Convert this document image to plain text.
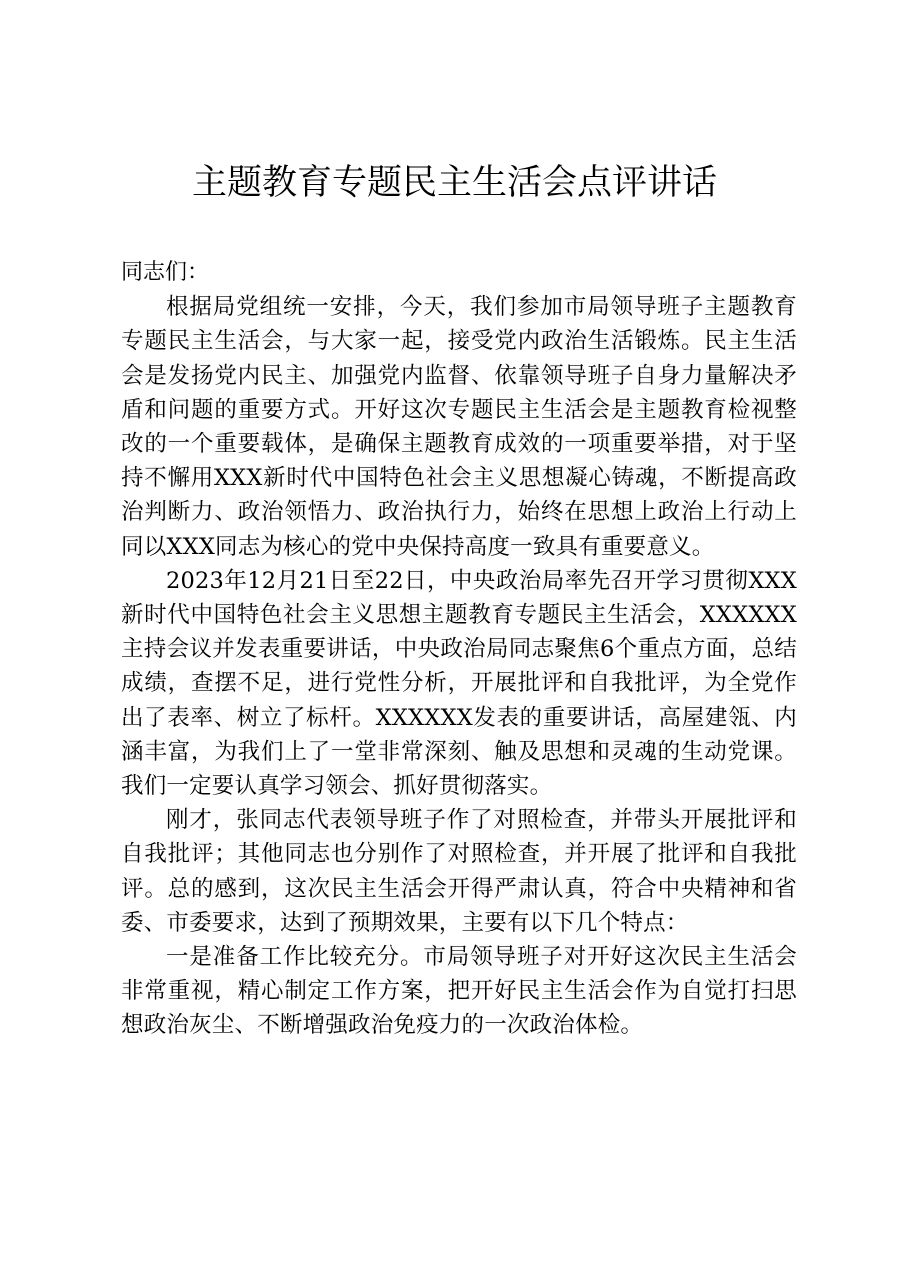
主题教育专题民主生活会点评讲话

同志们：

根据局党组统一安排，今天，我们参加市局领导班子主题教育专题民主生活会，与大家一起，接受党内政治生活锻炼。民主生活会是发扬党内民主、加强党内监督、依靠领导班子自身力量解决矛盾和问题的重要方式。开好这次专题民主生活会是主题教育检视整改的一个重要载体，是确保主题教育成效的一项重要举措，对于坚持不懈用XXX新时代中国特色社会主义思想凝心铸魂，不断提高政治判断力、政治领悟力、政治执行力，始终在思想上政治上行动上同以XXX同志为核心的党中央保持高度一致具有重要意义。

2023年12月21日至22日，中央政治局率先召开学习贯彻XXX新时代中国特色社会主义思想主题教育专题民主生活会，XXXXXX主持会议并发表重要讲话，中央政治局同志聚焦6个重点方面，总结成绩，查摆不足，进行党性分析，开展批评和自我批评，为全党作出了表率、树立了标杆。XXXXXX发表的重要讲话，高屋建瓴、内涵丰富，为我们上了一堂非常深刻、触及思想和灵魂的生动党课。我们一定要认真学习领会、抓好贯彻落实。

刚才，张同志代表领导班子作了对照检查，并带头开展批评和自我批评；其他同志也分别作了对照检查，并开展了批评和自我批评。总的感到，这次民主生活会开得严肃认真，符合中央精神和省委、市委要求，达到了预期效果，主要有以下几个特点：

一是准备工作比较充分。市局领导班子对开好这次民主生活会非常重视，精心制定工作方案，把开好民主生活会作为自觉打扫思想政治灰尘、不断增强政治免疫力的一次政治体检。
